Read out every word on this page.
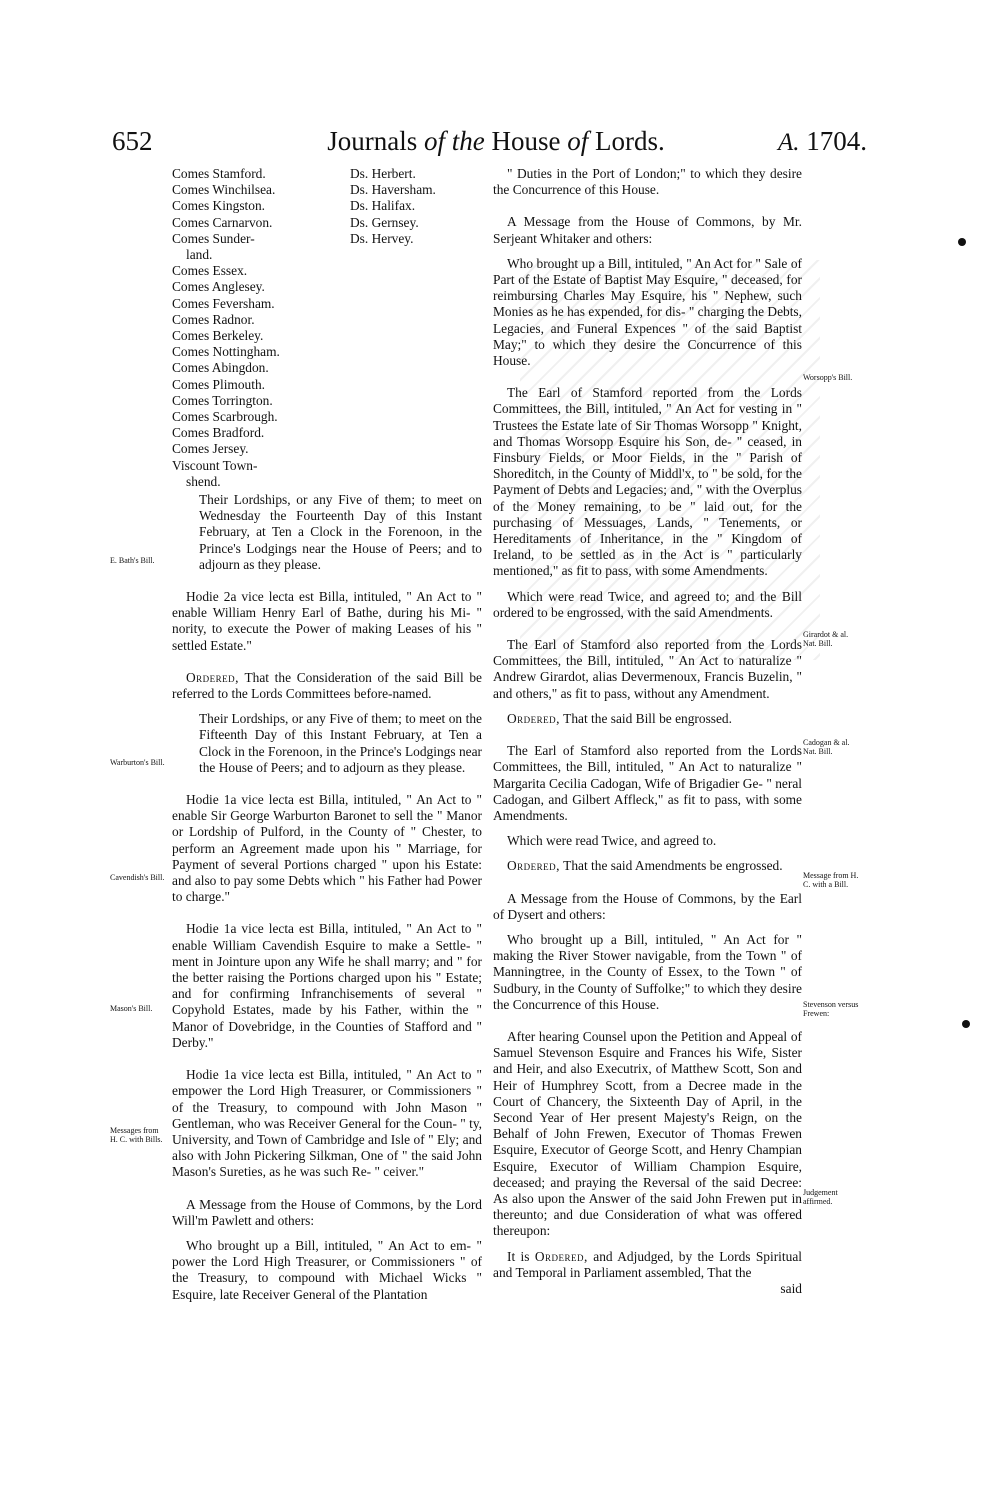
652	Journals of the House of Lords.	A. 1704.
Comes Stamford.
Comes Winchilsea.
Comes Kingston.
Comes Carnarvon.
Comes Sunder-
land.
Comes Essex.
Comes Anglesey.
Comes Feversham.
Comes Radnor.
Comes Berkeley.
Comes Nottingham.
Comes Abingdon.
Comes Plimouth.
Comes Torrington.
Comes Scarbrough.
Comes Bradford.
Comes Jersey.
Viscount Town-
shend.
Ds. Herbert.
Ds. Haversham.
Ds. Halifax.
Ds. Gernsey.
Ds. Hervey.

Their Lordships, or any Five of them; to meet on Wednesday the Fourteenth Day of this Instant February, at Ten a Clock in the Forenoon, in the Prince's Lodgings near the House of Peers; and to adjourn as they please.

Hodie 2a vice lecta est Billa, intituled, " An Act to " enable William Henry Earl of Bathe, during his Mi- " nority, to execute the Power of making Leases of his " settled Estate."

Ordered, That the Consideration of the said Bill be referred to the Lords Committees before-named.

Their Lordships, or any Five of them; to meet on the Fifteenth Day of this Instant February, at Ten a Clock in the Forenoon, in the Prince's Lodgings near the House of Peers; and to adjourn as they please.

Hodie 1a vice lecta est Billa, intituled, " An Act to " enable Sir George Warburton Baronet to sell the " Manor or Lordship of Pulford, in the County of " Chester, to perform an Agreement made upon his " Marriage, for Payment of several Portions charged " upon his Estate: and also to pay some Debts which " his Father had Power to charge."

Hodie 1a vice lecta est Billa, intituled, " An Act to " enable William Cavendish Esquire to make a Settle- " ment in Jointure upon any Wife he shall marry; and " for the better raising the Portions charged upon his " Estate; and for confirming Infranchisements of several " Copyhold Estates, made by his Father, within the " Manor of Dovebridge, in the Counties of Stafford and " Derby."

Hodie 1a vice lecta est Billa, intituled, " An Act to " empower the Lord High Treasurer, or Commissioners " of the Treasury, to compound with John Mason " Gentleman, who was Receiver General for the Coun- " ty, University, and Town of Cambridge and Isle of " Ely; and also with John Pickering Silkman, One of " the said John Mason's Sureties, as he was such Re- " ceiver."

A Message from the House of Commons, by the Lord Will'm Pawlett and others:

Who brought up a Bill, intituled, " An Act to em- " power the Lord High Treasurer, or Commissioners " of the Treasury, to compound with Michael Wicks " Esquire, late Receiver General of the Plantation

" Duties in the Port of London;" to which they desire the Concurrence of this House.

A Message from the House of Commons, by Mr. Serjeant Whitaker and others:

Who brought up a Bill, intituled, " An Act for " Sale of Part of the Estate of Baptist May Esquire, " deceased, for reimbursing Charles May Esquire, his " Nephew, such Monies as he has expended, for dis- " charging the Debts, Legacies, and Funeral Expences " of the said Baptist May;" to which they desire the Concurrence of this House.

The Earl of Stamford reported from the Lords Committees, the Bill, intituled, " An Act for vesting in " Trustees the Estate late of Sir Thomas Worsopp " Knight, and Thomas Worsopp Esquire his Son, de- " ceased, in Finsbury Fields, or Moor Fields, in the " Parish of Shoreditch, in the County of Middl'x, to " be sold, for the Payment of Debts and Legacies; and, " with the Overplus of the Money remaining, to be " laid out, for the purchasing of Messuages, Lands, " Tenements, or Hereditaments of Inheritance, in the " Kingdom of Ireland, to be settled as in the Act is " particularly mentioned," as fit to pass, with some Amendments.

Which were read Twice, and agreed to; and the Bill ordered to be engrossed, with the said Amendments.

The Earl of Stamford also reported from the Lords Committees, the Bill, intituled, " An Act to naturalize " Andrew Girardot, alias Devermenoux, Francis Buzelin, " and others," as fit to pass, without any Amendment.

Ordered, That the said Bill be engrossed.

The Earl of Stamford also reported from the Lords Committees, the Bill, intituled, " An Act to naturalize " Margarita Cecilia Cadogan, Wife of Brigadier Ge- " neral Cadogan, and Gilbert Affleck," as fit to pass, with some Amendments.

Which were read Twice, and agreed to.

Ordered, That the said Amendments be engrossed.

A Message from the House of Commons, by the Earl of Dysert and others:

Who brought up a Bill, intituled, " An Act for " making the River Stower navigable, from the Town " of Manningtree, in the County of Essex, to the Town " of Sudbury, in the County of Suffolke;" to which they desire the Concurrence of this House.

After hearing Counsel upon the Petition and Appeal of Samuel Stevenson Esquire and Frances his Wife, Sister and Heir, and also Executrix, of Matthew Scott, Son and Heir of Humphrey Scott, from a Decree made in the Court of Chancery, the Sixteenth Day of April, in the Second Year of Her present Majesty's Reign, on the Behalf of John Frewen, Executor of Thomas Frewen Esquire, Executor of George Scott, and Henry Champian Esquire, Executor of William Champion Esquire, deceased; and praying the Reversal of the said Decree: As also upon the Answer of the said John Frewen put in thereunto; and due Consideration of what was offered thereupon:

It is Ordered, and Adjudged, by the Lords Spiritual and Temporal in Parliament assembled, That the

said

E. Bath's Bill.
Warburton's Bill.
Cavendish's Bill.
Mason's Bill.
Messages from H. C. with Bills.
Worsopp's Bill.
Girardot & al. Nat. Bill.
Cadogan & al. Nat. Bill.
Message from H. C. with a Bill.
Stevenson versus Frewen:
Judgement affirmed.
